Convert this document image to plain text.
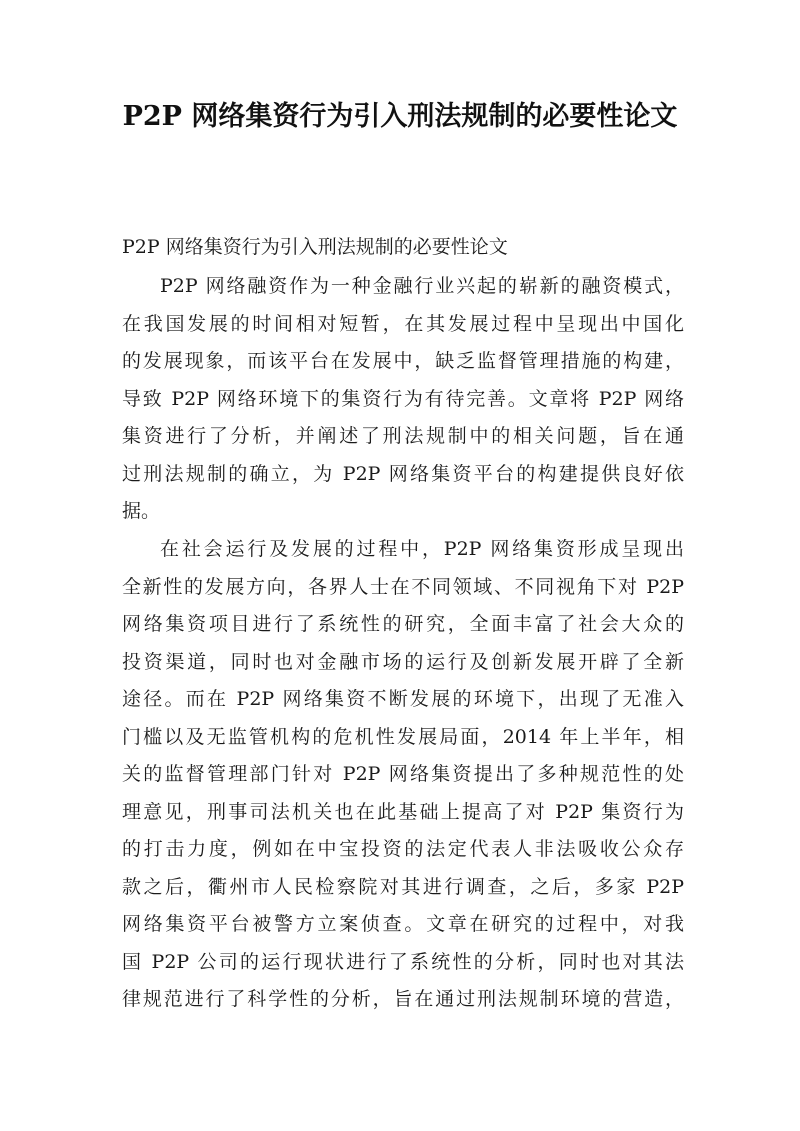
P2P 网络集资行为引入刑法规制的必要性论文

P2P 网络集资行为引入刑法规制的必要性论文

P2P 网络融资作为一种金融行业兴起的崭新的融资模式，
在我国发展的时间相对短暂，在其发展过程中呈现出中国化
的发展现象，而该平台在发展中，缺乏监督管理措施的构建，
导致 P2P 网络环境下的集资行为有待完善。文章将 P2P 网络
集资进行了分析，并阐述了刑法规制中的相关问题，旨在通
过刑法规制的确立，为 P2P 网络集资平台的构建提供良好依
据。
在社会运行及发展的过程中，P2P 网络集资形成呈现出
全新性的发展方向，各界人士在不同领域、不同视角下对 P2P
网络集资项目进行了系统性的研究，全面丰富了社会大众的
投资渠道，同时也对金融市场的运行及创新发展开辟了全新
途径。而在 P2P 网络集资不断发展的环境下，出现了无准入
门槛以及无监管机构的危机性发展局面，2014 年上半年，相
关的监督管理部门针对 P2P 网络集资提出了多种规范性的处
理意见，刑事司法机关也在此基础上提高了对 P2P 集资行为
的打击力度，例如在中宝投资的法定代表人非法吸收公众存
款之后，衢州市人民检察院对其进行调查，之后，多家 P2P
网络集资平台被警方立案侦查。文章在研究的过程中，对我
国 P2P 公司的运行现状进行了系统性的分析，同时也对其法
律规范进行了科学性的分析，旨在通过刑法规制环境的营造，
